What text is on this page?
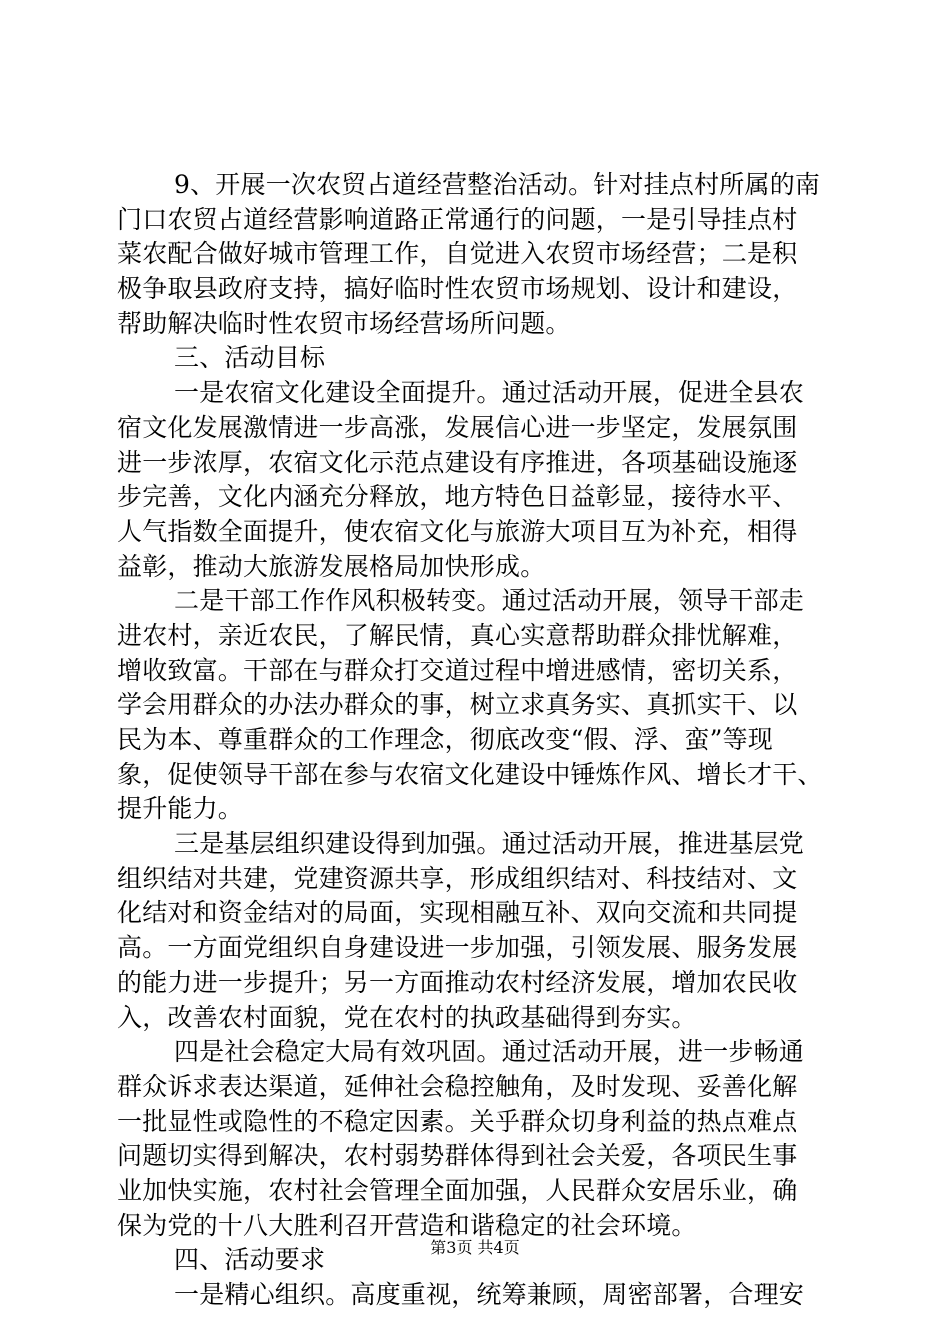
9、开展一次农贸占道经营整治活动。针对挂点村所属的南
门口农贸占道经营影响道路正常通行的问题，一是引导挂点村
菜农配合做好城市管理工作，自觉进入农贸市场经营；二是积
极争取县政府支持，搞好临时性农贸市场规划、设计和建设，
帮助解决临时性农贸市场经营场所问题。
三、活动目标
一是农宿文化建设全面提升。通过活动开展，促进全县农
宿文化发展激情进一步高涨，发展信心进一步坚定，发展氛围
进一步浓厚，农宿文化示范点建设有序推进，各项基础设施逐
步完善，文化内涵充分释放，地方特色日益彰显，接待水平、
人气指数全面提升，使农宿文化与旅游大项目互为补充，相得
益彰，推动大旅游发展格局加快形成。
二是干部工作作风积极转变。通过活动开展，领导干部走
进农村，亲近农民，了解民情，真心实意帮助群众排忧解难，
增收致富。干部在与群众打交道过程中增进感情，密切关系，
学会用群众的办法办群众的事，树立求真务实、真抓实干、以
民为本、尊重群众的工作理念，彻底改变“假、浮、蛮”等现
象，促使领导干部在参与农宿文化建设中锤炼作风、增长才干、
提升能力。
三是基层组织建设得到加强。通过活动开展，推进基层党
组织结对共建，党建资源共享，形成组织结对、科技结对、文
化结对和资金结对的局面，实现相融互补、双向交流和共同提
高。一方面党组织自身建设进一步加强，引领发展、服务发展
的能力进一步提升；另一方面推动农村经济发展，增加农民收
入，改善农村面貌，党在农村的执政基础得到夯实。
四是社会稳定大局有效巩固。通过活动开展，进一步畅通
群众诉求表达渠道，延伸社会稳控触角，及时发现、妥善化解
一批显性或隐性的不稳定因素。关乎群众切身利益的热点难点
问题切实得到解决，农村弱势群体得到社会关爱，各项民生事
业加快实施，农村社会管理全面加强，人民群众安居乐业，确
保为党的十八大胜利召开营造和谐稳定的社会环境。
四、活动要求
一是精心组织。高度重视，统筹兼顾，周密部署，合理安
第3页 共4页
